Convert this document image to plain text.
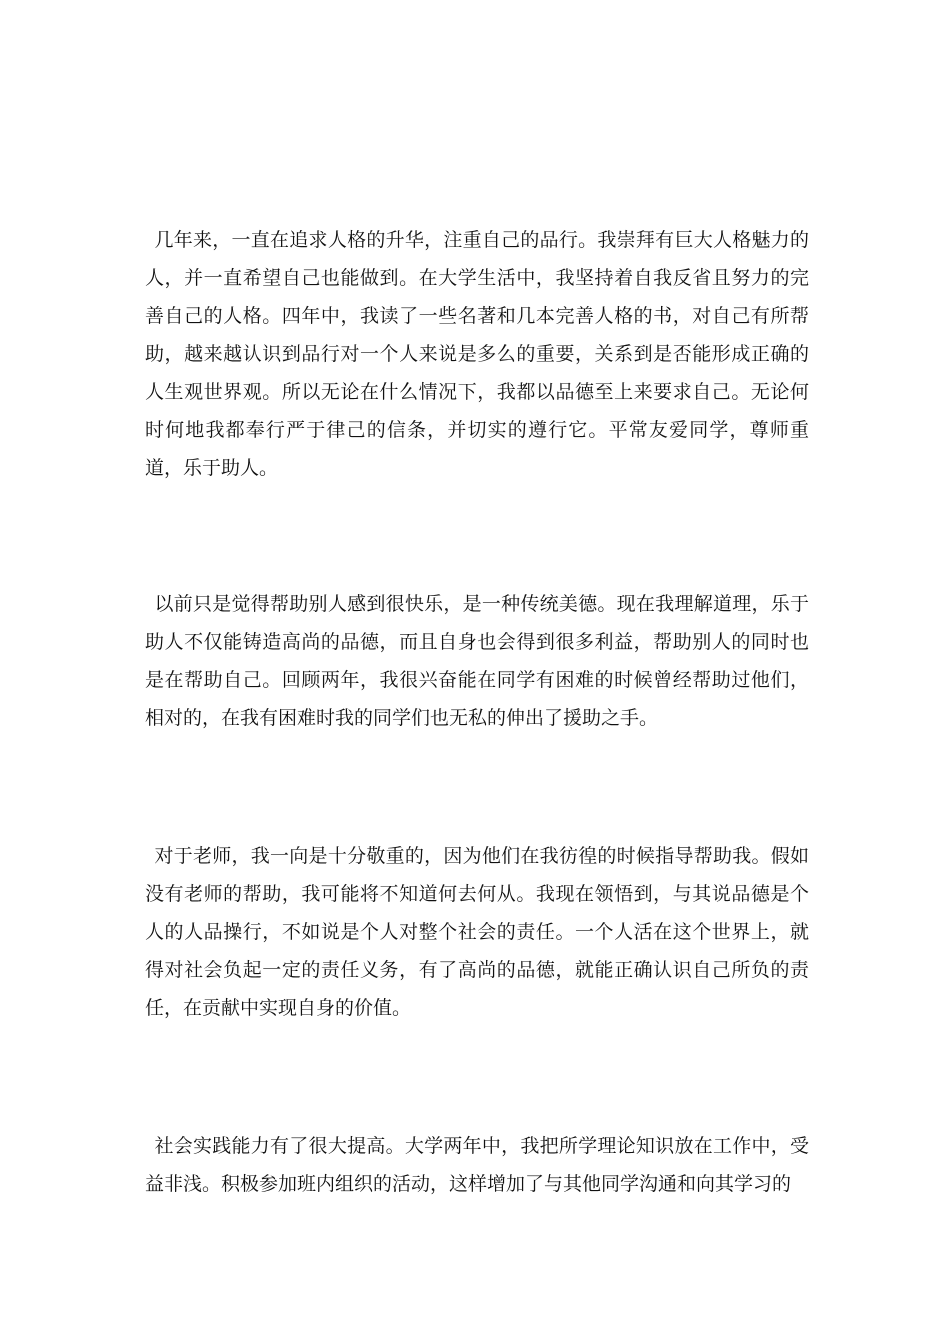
几年来，一直在追求人格的升华，注重自己的品行。我崇拜有巨大人格魅力的人，并一直希望自己也能做到。在大学生活中，我坚持着自我反省且努力的完善自己的人格。四年中，我读了一些名著和几本完善人格的书，对自己有所帮助，越来越认识到品行对一个人来说是多么的重要，关系到是否能形成正确的人生观世界观。所以无论在什么情况下，我都以品德至上来要求自己。无论何时何地我都奉行严于律己的信条，并切实的遵行它。平常友爱同学，尊师重道，乐于助人。

以前只是觉得帮助别人感到很快乐，是一种传统美德。现在我理解道理，乐于助人不仅能铸造高尚的品德，而且自身也会得到很多利益，帮助别人的同时也是在帮助自己。回顾两年，我很兴奋能在同学有困难的时候曾经帮助过他们，相对的，在我有困难时我的同学们也无私的伸出了援助之手。

对于老师，我一向是十分敬重的，因为他们在我彷徨的时候指导帮助我。假如没有老师的帮助，我可能将不知道何去何从。我现在领悟到，与其说品德是个人的人品操行，不如说是个人对整个社会的责任。一个人活在这个世界上，就得对社会负起一定的责任义务，有了高尚的品德，就能正确认识自己所负的责任，在贡献中实现自身的价值。

社会实践能力有了很大提高。大学两年中，我把所学理论知识放在工作中，受益非浅。积极参加班内组织的活动，这样增加了与其他同学沟通和向其学习的
